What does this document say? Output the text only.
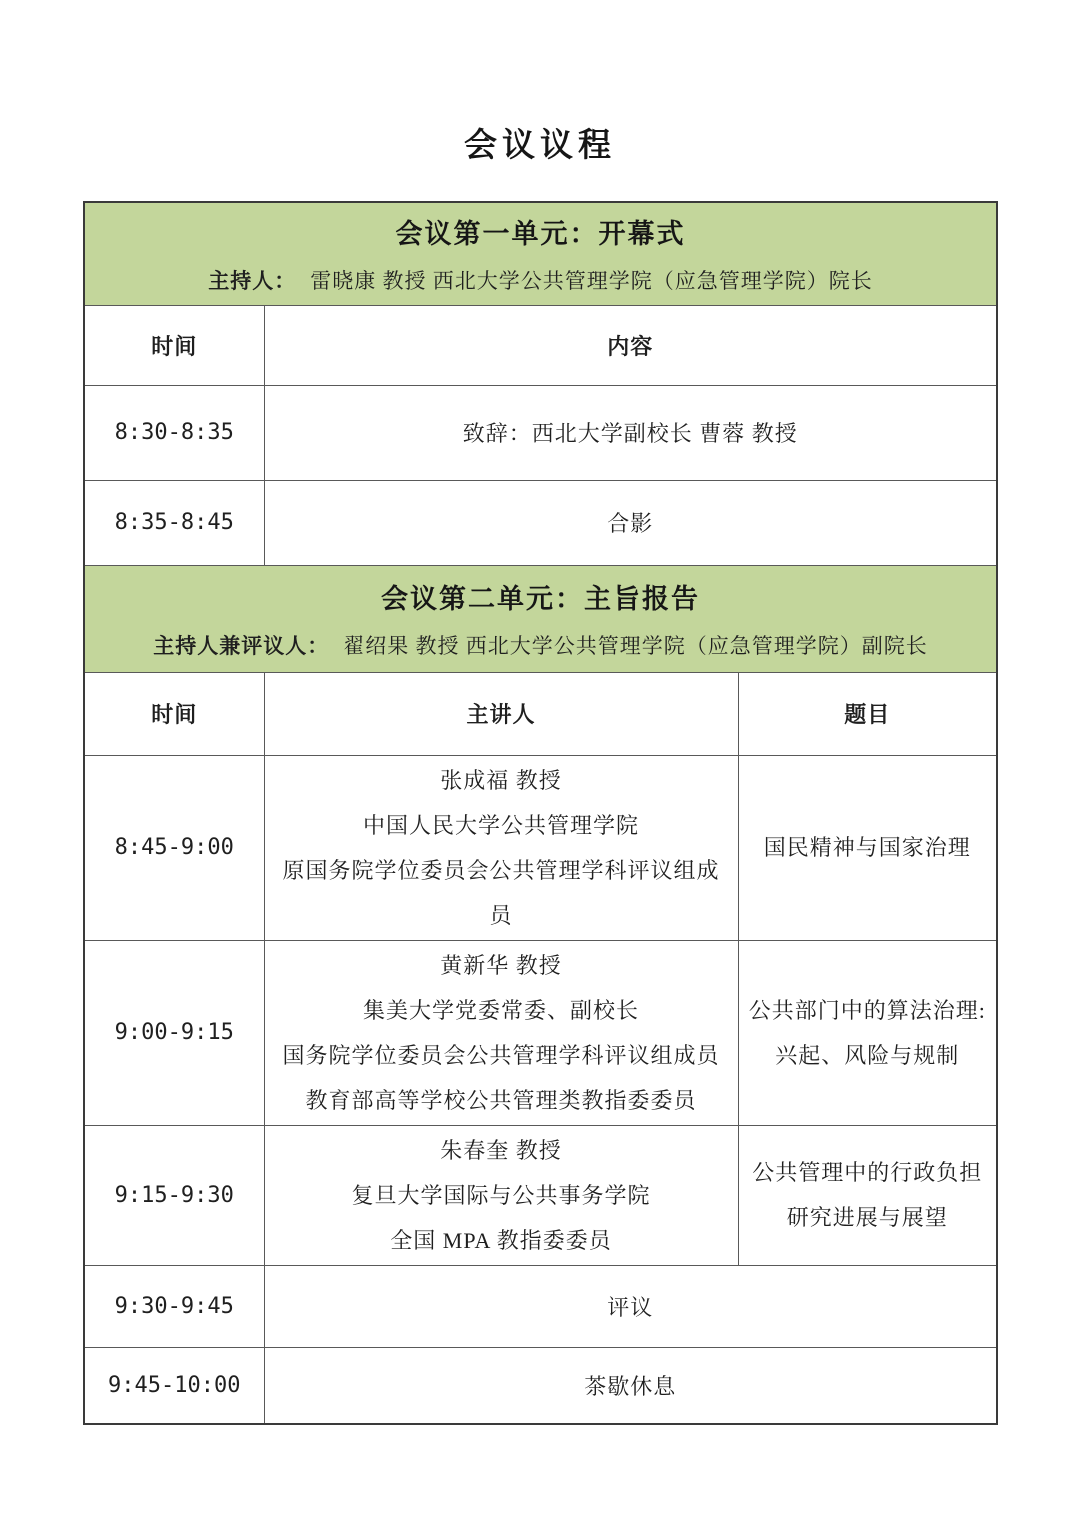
会议议程
会议第一单元：开幕式
主持人： 雷晓康 教授 西北大学公共管理学院（应急管理学院）院长		

时间	内容	
8:30-8:35	致辞：西北大学副校长 曹蓉 教授	
8:35-8:45	合影	

会议第二单元：主旨报告
主持人兼评议人： 翟绍果 教授 西北大学公共管理学院（应急管理学院）副院长		

时间	主讲人	题目
8:45-9:00	张成福 教授
中国人民大学公共管理学院
原国务院学位委员会公共管理学科评议组成员	国民精神与国家治理
9:00-9:15	黄新华 教授
集美大学党委常委、副校长
国务院学位委员会公共管理学科评议组成员
教育部高等学校公共管理类教指委委员	公共部门中的算法治理:兴起、风险与规制
9:15-9:30	朱春奎 教授
复旦大学国际与公共事务学院
全国 MPA 教指委委员	公共管理中的行政负担研究进展与展望
9:30-9:45	评议	
9:45-10:00	茶歇休息	
